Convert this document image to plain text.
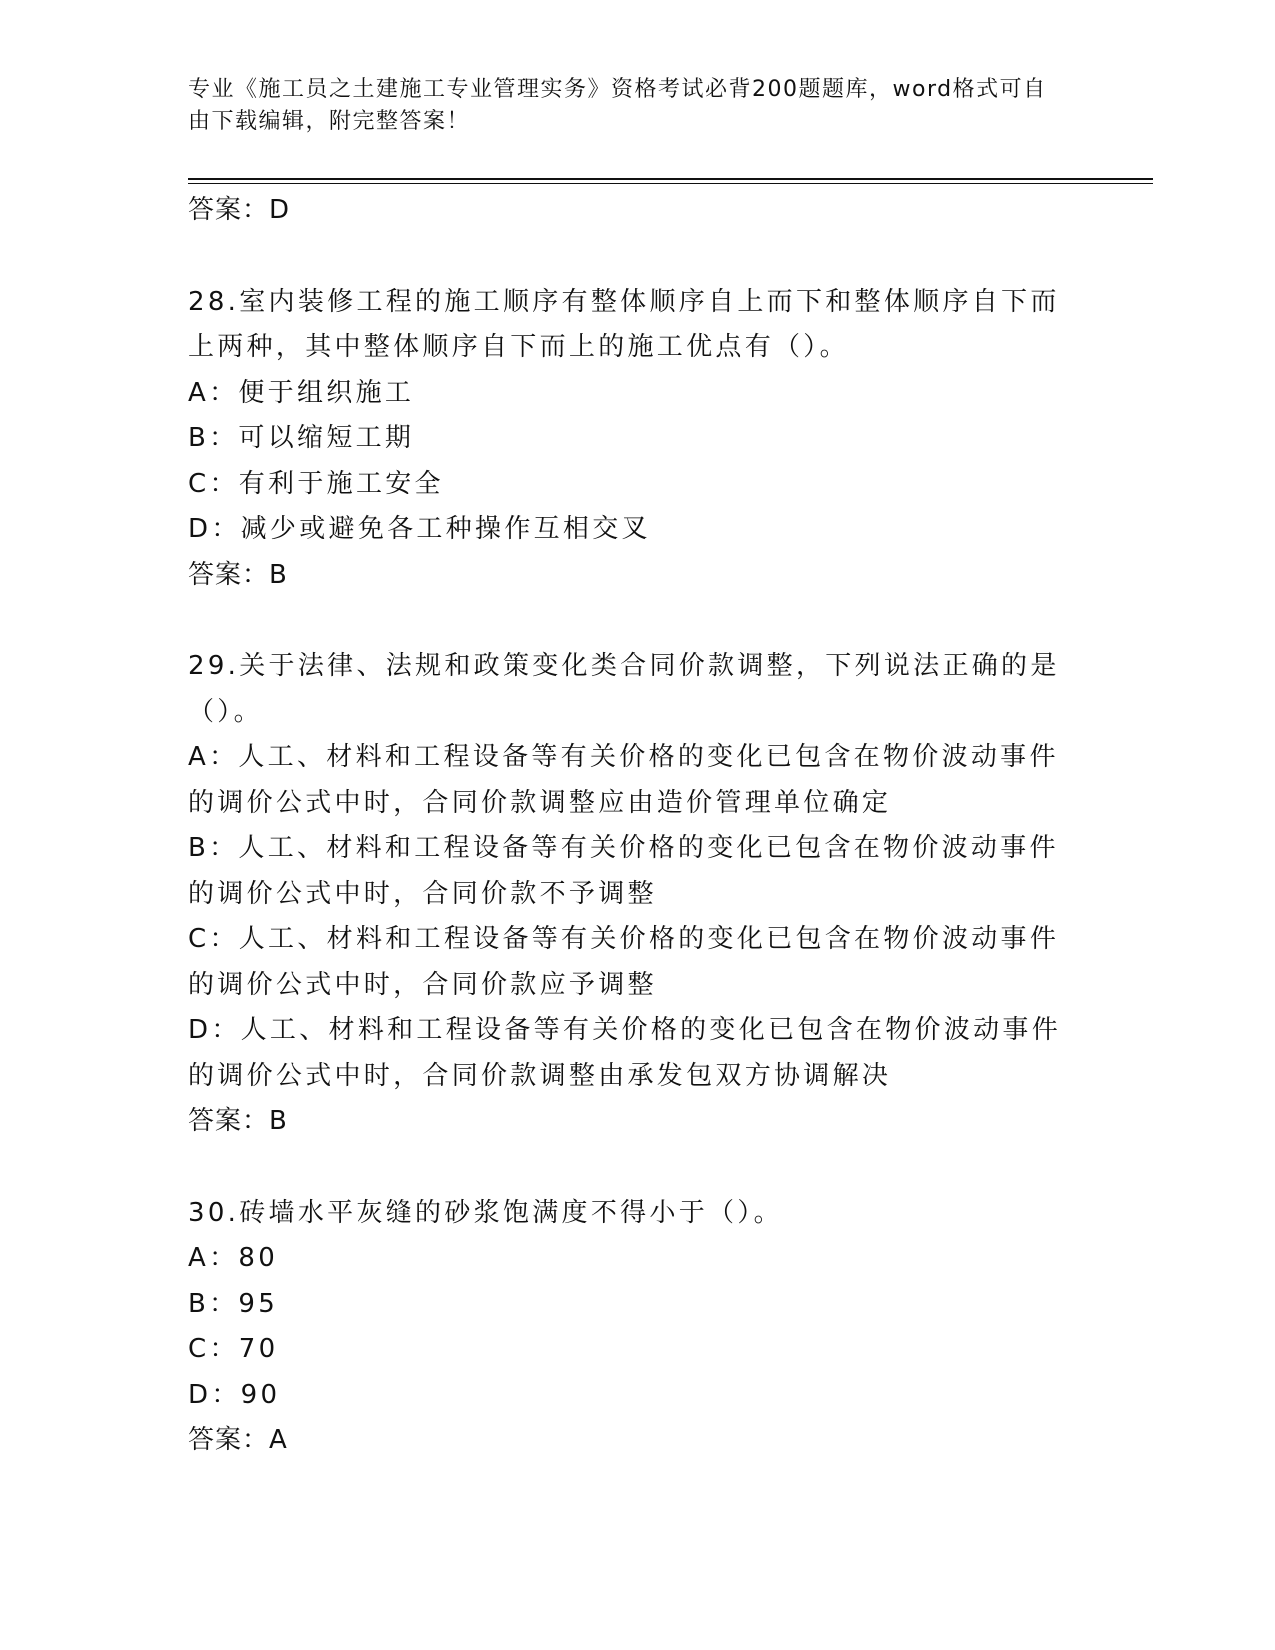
专业《施工员之土建施工专业管理实务》资格考试必背200题题库，word格式可自由下载编辑，附完整答案！
答案：D
28.室内装修工程的施工顺序有整体顺序自上而下和整体顺序自下而上两种，其中整体顺序自下而上的施工优点有（）。
A：便于组织施工
B：可以缩短工期
C：有利于施工安全
D：减少或避免各工种操作互相交叉
答案：B
29.关于法律、法规和政策变化类合同价款调整，下列说法正确的是（）。
A：人工、材料和工程设备等有关价格的变化已包含在物价波动事件的调价公式中时，合同价款调整应由造价管理单位确定
B：人工、材料和工程设备等有关价格的变化已包含在物价波动事件的调价公式中时，合同价款不予调整
C：人工、材料和工程设备等有关价格的变化已包含在物价波动事件的调价公式中时，合同价款应予调整
D：人工、材料和工程设备等有关价格的变化已包含在物价波动事件的调价公式中时，合同价款调整由承发包双方协调解决
答案：B
30.砖墙水平灰缝的砂浆饱满度不得小于（）。
A：80
B：95
C：70
D：90
答案：A
